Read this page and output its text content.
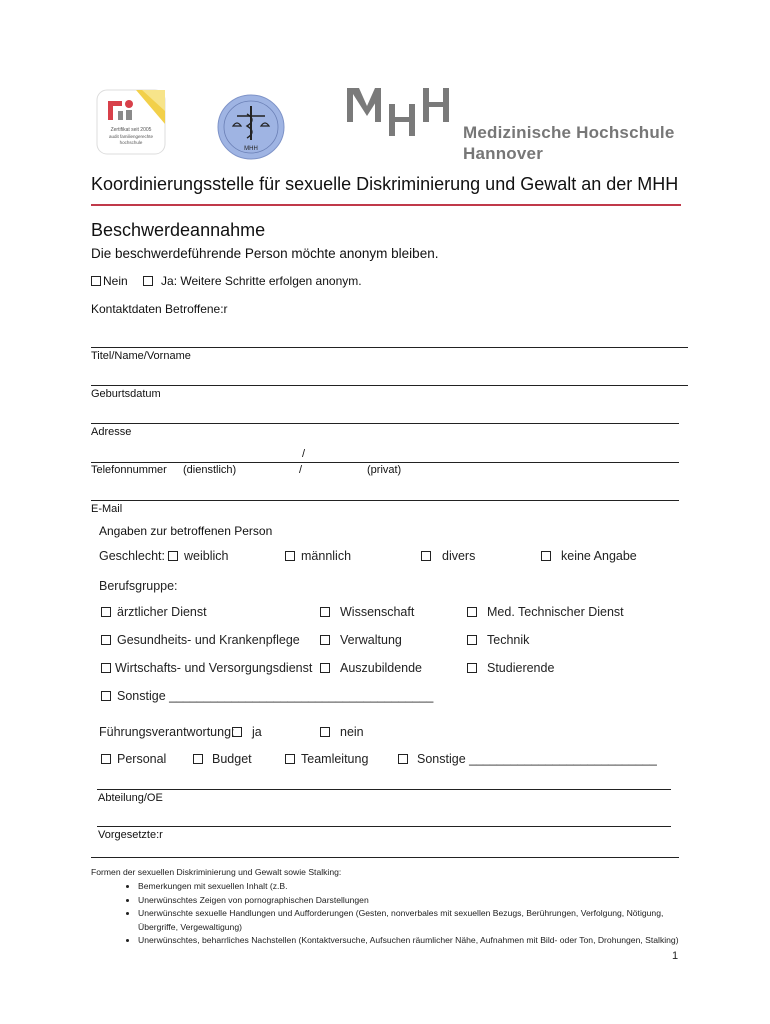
Zertifikat seit 2005
audit familiengerechte
hochschule
MHH
Medizinische Hochschule
Hannover
Koordinierungsstelle für sexuelle Diskriminierung und Gewalt an der MHH
Beschwerdeannahme
Die beschwerdeführende Person möchte anonym bleiben.
Nein	Ja: Weitere Schritte erfolgen anonym.
Kontaktdaten Betroffene:r
Titel/Name/Vorname
Geburtsdatum
Adresse
/
Telefonnummer (dienstlich)	/	(privat)
E-Mail
Angaben zur betroffenen Person
Geschlecht:	weiblich	männlich	divers	keine Angabe
Berufsgruppe:
ärztlicher Dienst	Wissenschaft	Med. Technischer Dienst
Gesundheits- und Krankenpflege	Verwaltung	Technik
Wirtschafts- und Versorgungsdienst	Auszubildende	Studierende
Sonstige ______________________________________
Führungsverantwortung:	ja	nein
Personal	Budget	Teamleitung	Sonstige ___________________________
Abteilung/OE
Vorgesetzte:r
Formen der sexuellen Diskriminierung und Gewalt sowie Stalking:
• Bemerkungen mit sexuellen Inhalt (z.B.
• Unerwünschtes Zeigen von pornographischen Darstellungen
• Unerwünschte sexuelle Handlungen und Aufforderungen (Gesten, nonverbales mit sexuellen Bezugs, Berührungen, Verfolgung, Nötigung, Übergriffe, Vergewaltigung)
• Unerwünschtes, beharrliches Nachstellen (Kontaktversuche, Aufsuchen räumlicher Nähe, Aufnahmen mit Bild- oder Ton, Drohungen, Stalking)
1
